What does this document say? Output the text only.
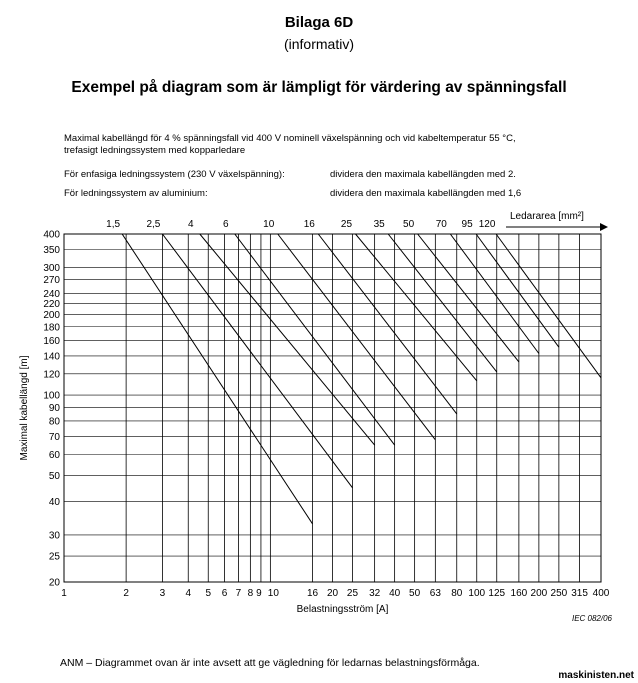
Bilaga 6D
(informativ)
Exempel på diagram som är lämpligt för värdering av spänningsfall
Maximal kabellängd för 4 % spänningsfall vid 400 V nominell växelspänning och vid kabeltemperatur 55 °C,
trefasigt ledningssystem med kopparledare
För enfasiga ledningssystem (230 V växelspänning):	dividera den maximala kabellängden med 2.
För ledningssystem av aluminium:	dividera den maximala kabellängden med 1,6
400
350
300
270
240
220
200
180
160
140
120
100
90
80
70
60
50
40
30
25
20
1	2	3 4 5 6 7 8 9 10	16 20 25 32 40 50 63 80 100 125 160 200 250 315 400
Belastningsström [A]
Maximal kabellängd [m]
IEC 082/06
1,5	2,5	4	6	10	16	25 35 50 70 95 120
Ledararea [mm²]
ANM – Diagrammet ovan är inte avsett att ge vägledning för ledarnas belastningsförmåga.
maskinisten.net
